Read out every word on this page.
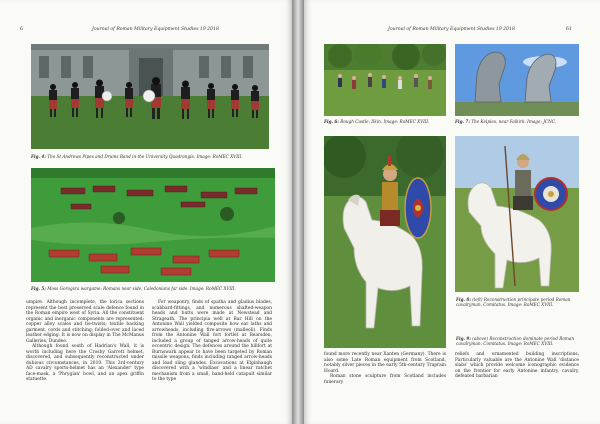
6	Journal of Roman Military Equipment Studies 19 2018
Fig. 4: The St Andrews Pipes and Drums Band in the University Quadrangle. Image: RoMEC XVIII.
Fig. 5: Moss Gorogsra wargame: Romans near side, Caledonians far side. Image: RoMEC XVIII.

umpire. Although incomplete, the lorica sections represent the best preserved scale defence found in the Roman empire west of Syria. All the constituent organic and inorganic components are represented: copper alloy scales and tie-twists; textile backing garment, cords and stitching; folded-over and laced leather edging. It is now on display in The McManus Galleries, Dundee.

Although found south of Hadrian's Wall, it is worth including here the Crosby Garrett helmet, discovered, and subsequently reconstructed under dubious circumstances, in 2010. This 3rd-century AD cavalry sports-helmet has an 'Alexander' type face-mask, a 'Phrygian' bowl, and an apex griffin statuette.

For weaponry, finds of spatha and gladius blades, scabbard-fittings, and numerous shafted-weapon heads and butts were made at Newstead and Strageath. The principia well at Bar Hill on the Antonine Wall yielded composite bow ear laths and arrowheads, including fire-arrows (malleoli). Finds from the Antonine Wall fort fortlet at Bearsden, included a group of tanged arrow-heads of quite eccentric design. The defences around the hillfort at Burnswark appear to have been targeted by Roman missile weapons, finds including tanged arrow-heads and lead sling glandes. Excavations at Elginhaugh discovered with a 'windlass' and a linear ratchet mechanism from a small, hand-held catapult similar to the type

Journal of Roman Military Equipment Studies 19 2018	61
Fig. 6: Rough Castle, Ilkin. Image: RoMEC XVIII.	Fig. 7: The Kelpies, near Falkirk. Image: JCNC.
Fig. 8: (left) Reconstruction principate period Roman cavalryman. Comitatus. Image: RoMEC XVIII.
Fig. 9: (above) Reconstruction dominate period Roman cavalryman. Comitatus. Image: RoMEC XVIII.

found more recently near Xanten (Germany). There is also some Late Roman equipment from Scotland, notably silver pieces in the early 5th-century Traprain Hoard.

Roman stone sculpture from Scotland includes funerary

reliefs and ornamented building inscriptions. Particularly valuable are the Antonine Wall 'distance slabs' which provide welcome iconographic evidence on the frontier for early Antonine infantry, cavalry, defeated barbarian
